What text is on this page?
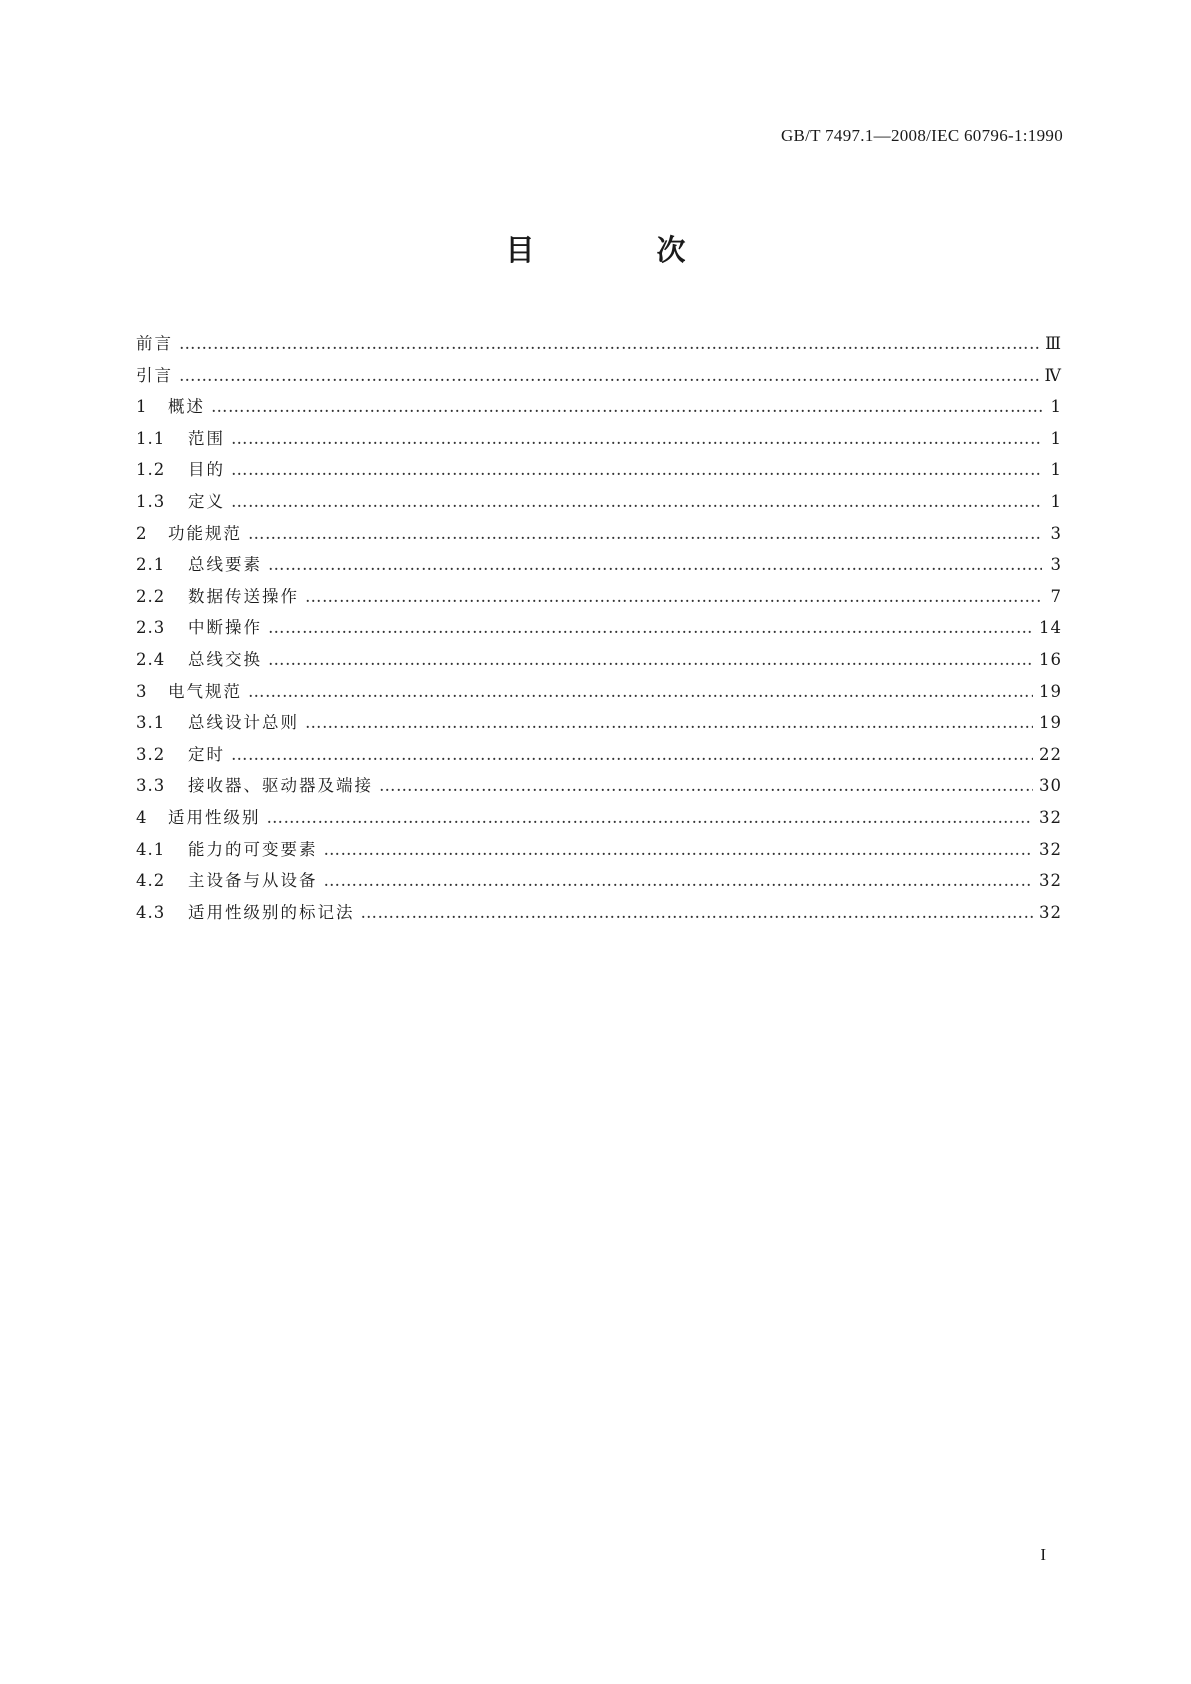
GB/T 7497.1—2008/IEC 60796-1:1990
目 次
前言 ……………………………………………………………………………………………………………………………………………………………………	Ⅲ
引言 ……………………………………………………………………………………………………………………………………………………………………	Ⅳ
1	概述 ……………………………………………………………………………………………………………………………………………………………………	1
1.1	范围 ……………………………………………………………………………………………………………………………………………………………………	1
1.2	目的 ……………………………………………………………………………………………………………………………………………………………………	1
1.3	定义 ……………………………………………………………………………………………………………………………………………………………………	1
2	功能规范 ……………………………………………………………………………………………………………………………………………………………………	3
2.1	总线要素 ……………………………………………………………………………………………………………………………………………………………………	3
2.2	数据传送操作 ……………………………………………………………………………………………………………………………………………………………………	7
2.3	中断操作 ……………………………………………………………………………………………………………………………………………………………………	14
2.4	总线交换 ……………………………………………………………………………………………………………………………………………………………………	16
3	电气规范 ……………………………………………………………………………………………………………………………………………………………………	19
3.1	总线设计总则 ……………………………………………………………………………………………………………………………………………………………………	19
3.2	定时 ……………………………………………………………………………………………………………………………………………………………………	22
3.3	接收器、驱动器及端接 ……………………………………………………………………………………………………………………………………………………………………	30
4	适用性级别 ……………………………………………………………………………………………………………………………………………………………………	32
4.1	能力的可变要素 ……………………………………………………………………………………………………………………………………………………………………	32
4.2	主设备与从设备 ……………………………………………………………………………………………………………………………………………………………………	32
4.3	适用性级别的标记法 ……………………………………………………………………………………………………………………………………………………………………	32
I
